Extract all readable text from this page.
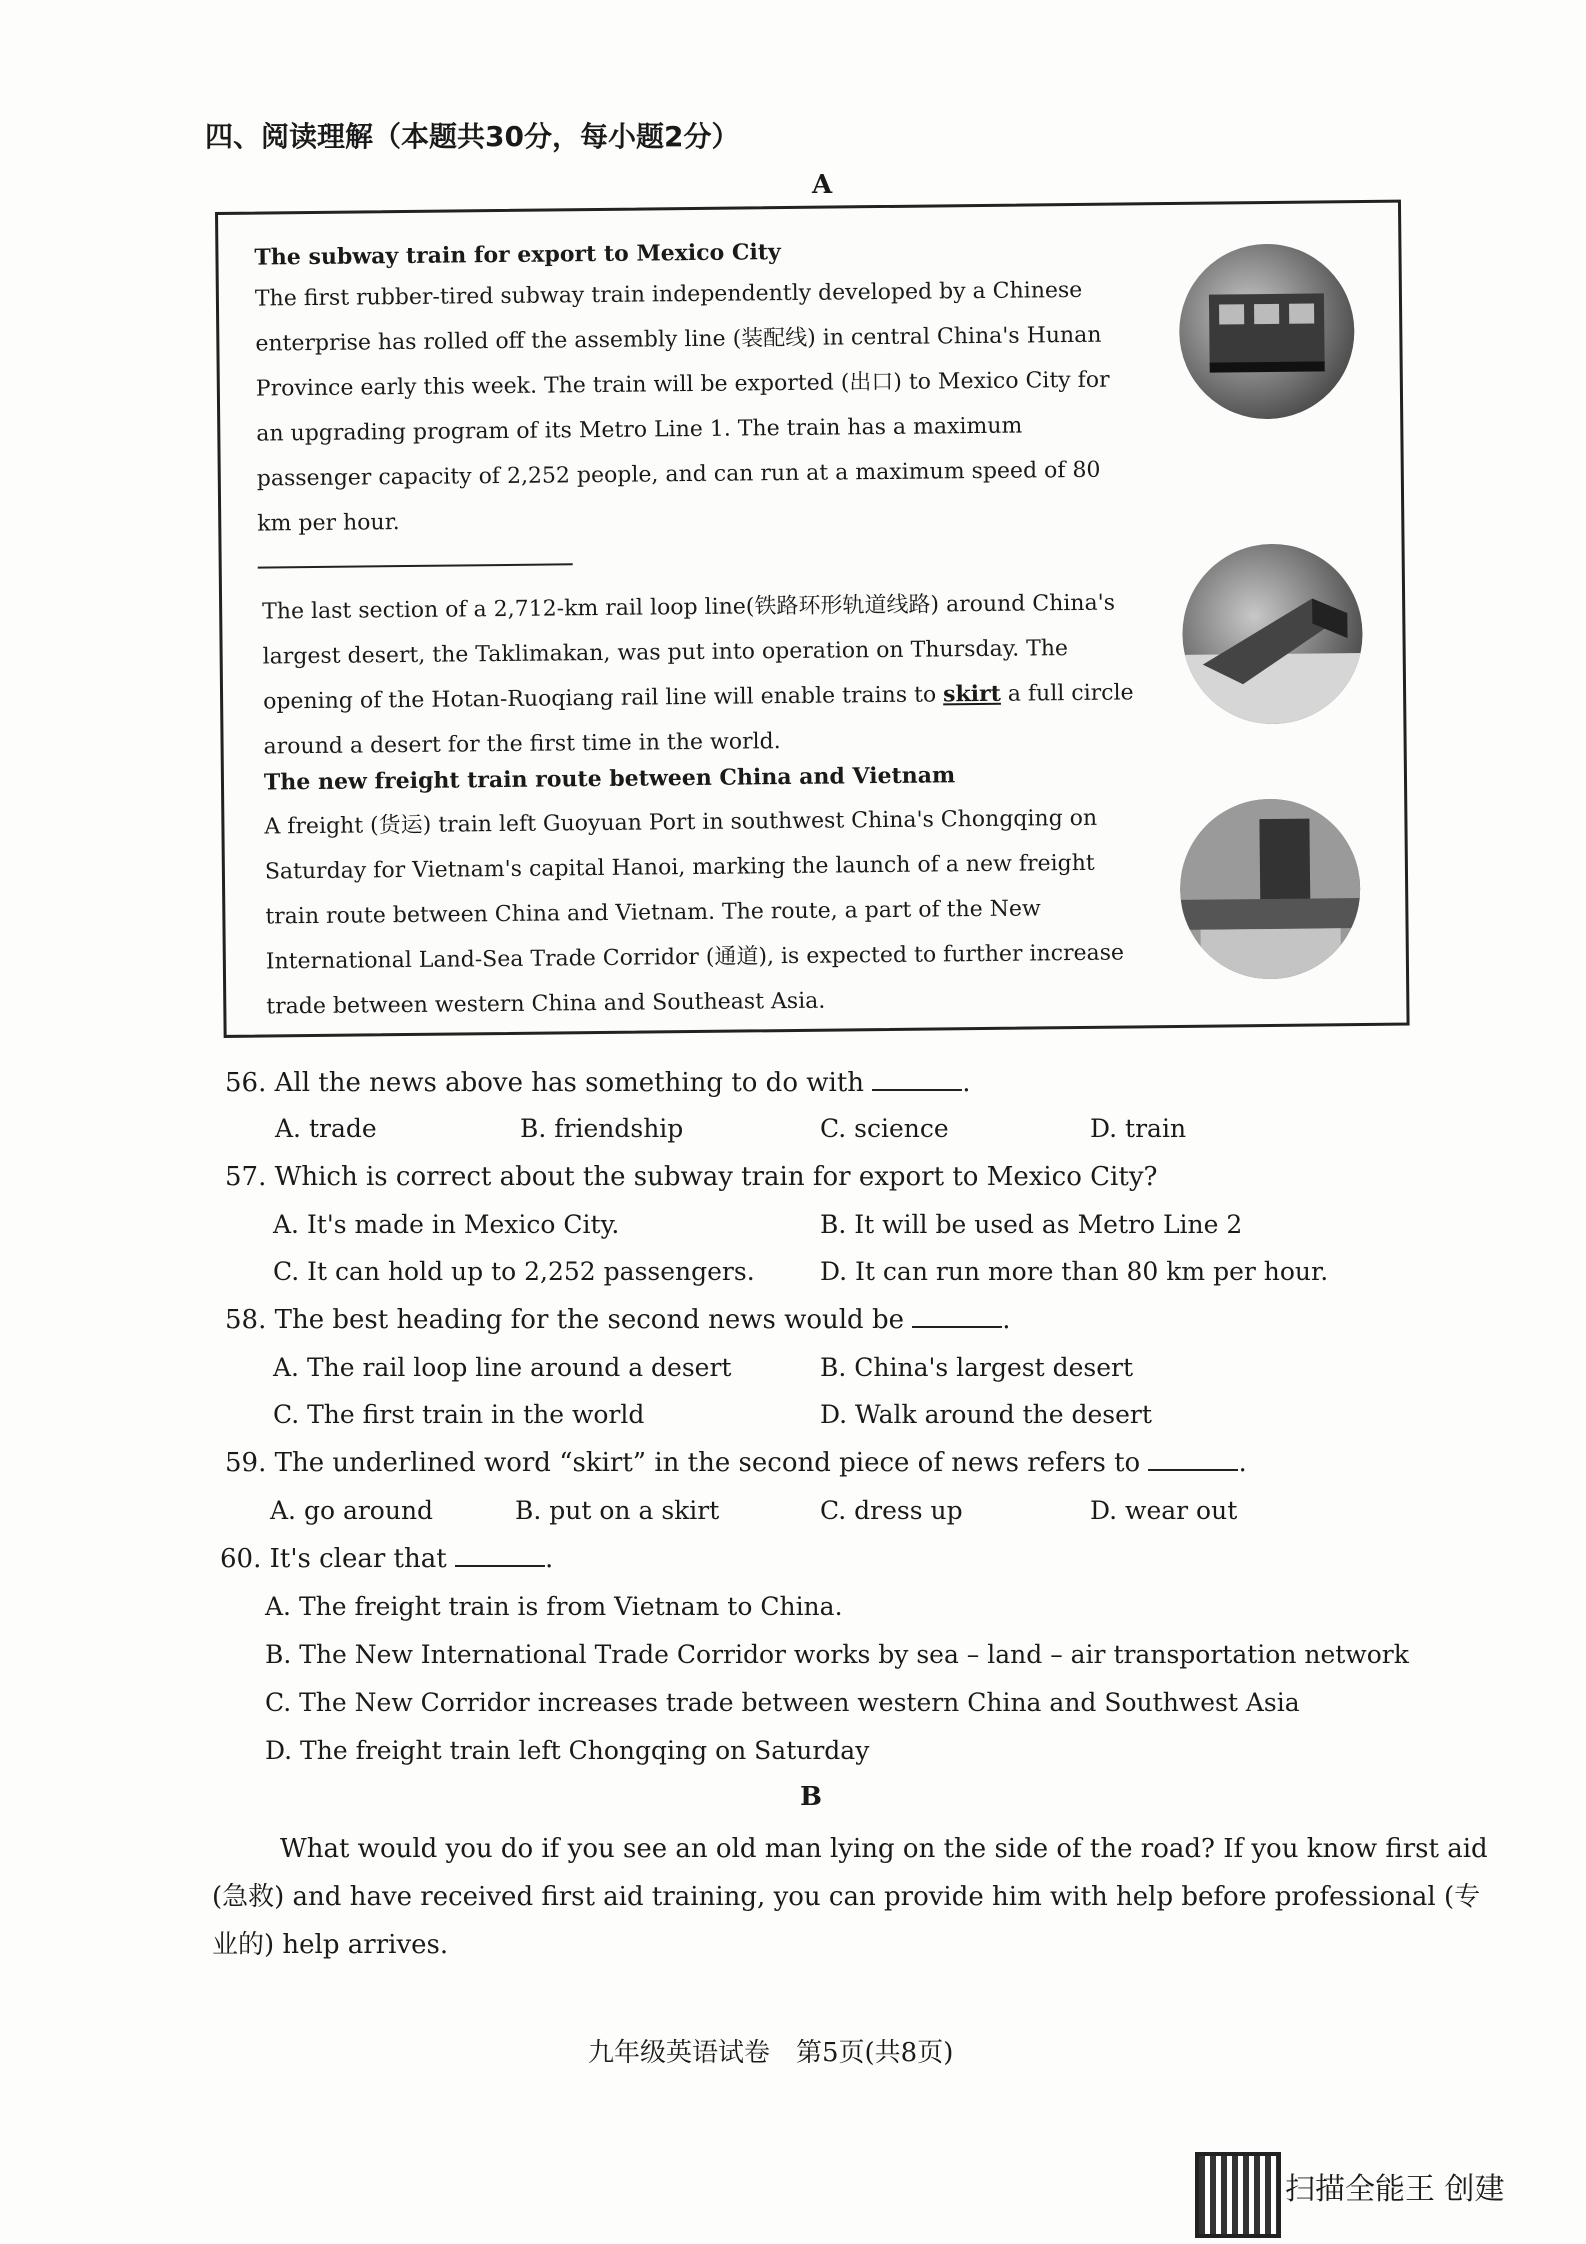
四、阅读理解（本题共30分，每小题2分）
A
The subway train for export to Mexico City
The first rubber-tired subway train independently developed by a Chinese enterprise has rolled off the assembly line (装配线) in central China's Hunan Province early this week. The train will be exported (出口) to Mexico City for an upgrading program of its Metro Line 1. The train has a maximum passenger capacity of 2,252 people, and can run at a maximum speed of 80 km per hour.
The last section of a 2,712-km rail loop line(铁路环形轨道线路) around China's largest desert, the Taklimakan, was put into operation on Thursday. The opening of the Hotan-Ruoqiang rail line will enable trains to skirt a full circle around a desert for the first time in the world.
The new freight train route between China and Vietnam
A freight (货运) train left Guoyuan Port in southwest China's Chongqing on Saturday for Vietnam's capital Hanoi, marking the launch of a new freight train route between China and Vietnam. The route, a part of the New International Land-Sea Trade Corridor (通道), is expected to further increase trade between western China and Southeast Asia.
56. All the news above has something to do with	.
A. trade	B. friendship	C. science	D. train
57. Which is correct about the subway train for export to Mexico City?
A. It's made in Mexico City.	B. It will be used as Metro Line 2
C. It can hold up to 2,252 passengers.	D. It can run more than 80 km per hour.
58. The best heading for the second news would be	.
A. The rail loop line around a desert	B. China's largest desert
C. The first train in the world	D. Walk around the desert
59. The underlined word “skirt” in the second piece of news refers to	.
A. go around	B. put on a skirt	C. dress up	D. wear out
60. It's clear that	.
A. The freight train is from Vietnam to China.
B. The New International Trade Corridor works by sea – land – air transportation network
C. The New Corridor increases trade between western China and Southwest Asia
D. The freight train left Chongqing on Saturday
B
What would you do if you see an old man lying on the side of the road? If you know first aid
(急救) and have received first aid training, you can provide him with help before professional (专
业的) help arrives.
九年级英语试卷　第5页(共8页)
扫描全能王 创建
